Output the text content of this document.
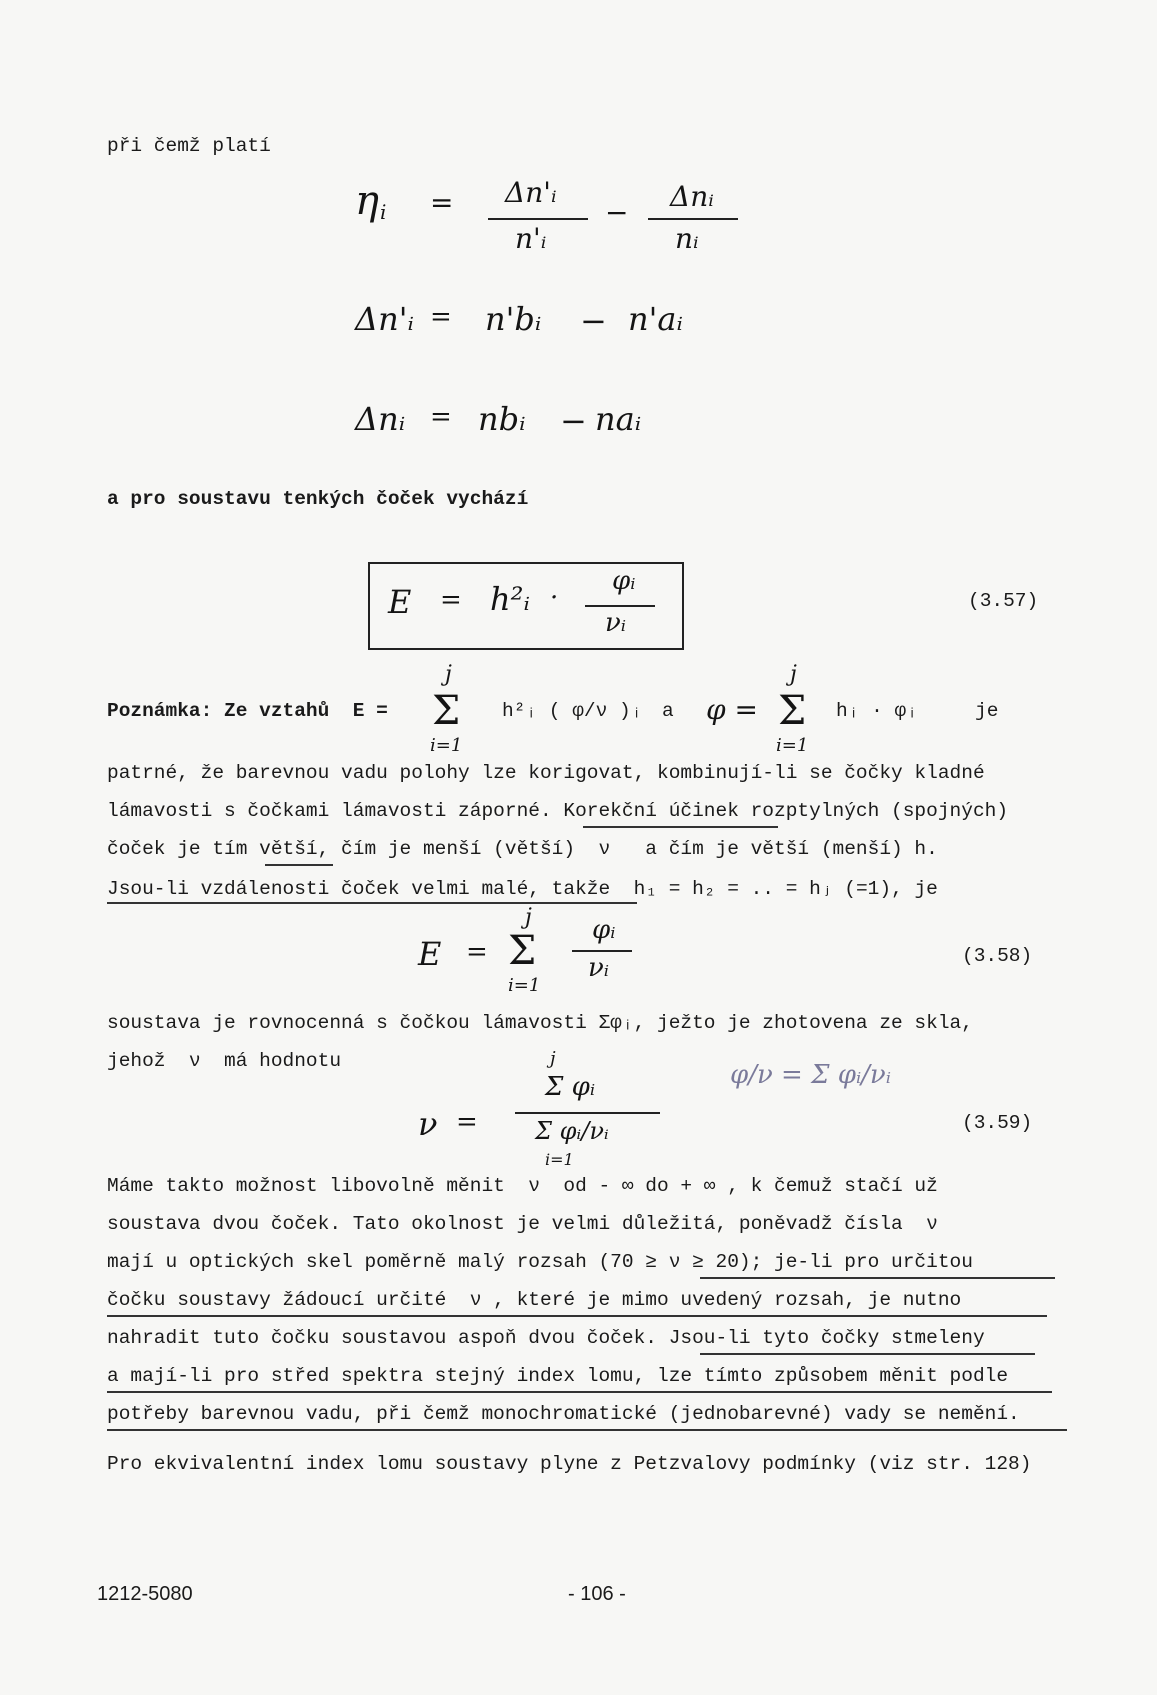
při čemž platí
η i = Δn'ᵢ
n'ᵢ
− Δnᵢ
nᵢ
Δn'ᵢ = n'bᵢ − n'aᵢ
Δnᵢ = nbᵢ − naᵢ
a pro soustavu tenkých čoček vychází
E = h²ᵢ ·
φᵢ
νᵢ
(3.57)
Poznámka: Ze vztahů  E =
j
Σ
i=1
h²ᵢ ( φ/ν )ᵢ a φ =
j
Σ
i=1
hᵢ · φᵢ	je
patrné, že barevnou vadu polohy lze korigovat, kombinují-li se čočky kladné
lámavosti s čočkami lámavosti záporné. Korekční účinek rozptylných (spojných)
čoček je tím větší, čím je menší (větší)  ν   a čím je větší (menší) h.
Jsou-li vzdálenosti čoček velmi malé, takže  h₁ = h₂ = .. = hⱼ (=1), je
E =
j
Σ
i=1
φᵢ
νᵢ	(3.58)
soustava je rovnocenná s čočkou lámavosti Σφᵢ, ježto je zhotovena ze skla,
jehož  ν  má hodnotu
ν =
j
Σ φᵢ
Σ φᵢ/νᵢ
i=1
(3.59)
φ/ν = Σ φᵢ/νᵢ
Máme takto možnost libovolně měnit  ν  od - ∞ do + ∞ , k čemuž stačí už
soustava dvou čoček. Tato okolnost je velmi důležitá, poněvadž čísla  ν
mají u optických skel poměrně malý rozsah (70 ≥ ν ≥ 20); je-li pro určitou
čočku soustavy žádoucí určité  ν , které je mimo uvedený rozsah, je nutno
nahradit tuto čočku soustavou aspoň dvou čoček. Jsou-li tyto čočky stmeleny
a mají-li pro střed spektra stejný index lomu, lze tímto způsobem měnit podle
potřeby barevnou vadu, při čemž monochromatické (jednobarevné) vady se nemění.
Pro ekvivalentní index lomu soustavy plyne z Petzvalovy podmínky (viz str. 128)
1212-5080	- 106 -
